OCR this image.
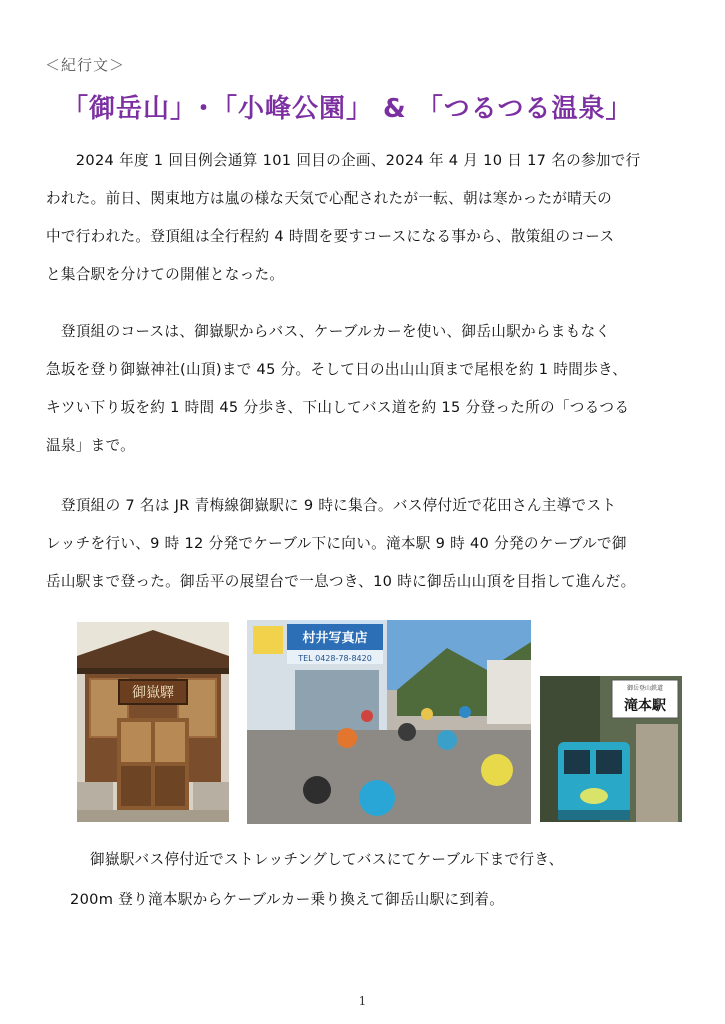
＜紀行文＞
「御岳山」･「小峰公園」 & 「つるつる温泉」
　　2024 年度 1 回目例会通算 101 回目の企画、2024 年 4 月 10 日 17 名の参加で行
われた。前日、関東地方は嵐の様な天気で心配されたが一転、朝は寒かったが晴天の
中で行われた。登頂組は全行程約 4 時間を要すコースになる事から、散策組のコース
と集合駅を分けての開催となった。
　登頂組のコースは、御嶽駅からバス、ケーブルカーを使い、御岳山駅からまもなく
急坂を登り御嶽神社(山頂)まで 45 分。そして日の出山山頂まで尾根を約 1 時間歩き、
キツい下り坂を約 1 時間 45 分歩き、下山してバス道を約 15 分登った所の「つるつる
温泉」まで。
　登頂組の 7 名は JR 青梅線御嶽駅に 9 時に集合。バス停付近で花田さん主導でスト
レッチを行い、9 時 12 分発でケーブル下に向い。滝本駅 9 時 40 分発のケーブルで御
岳山駅まで登った。御岳平の展望台で一息つき、10 時に御岳山山頂を目指して進んだ。
御嶽驛
村井写真店
TEL 0428-78-8420
御岳登山鉄道
滝本駅
御嶽駅バス停付近でストレッチングしてバスにてケーブル下まで行き、
200m 登り滝本駅からケーブルカー乗り換えて御岳山駅に到着。
1
